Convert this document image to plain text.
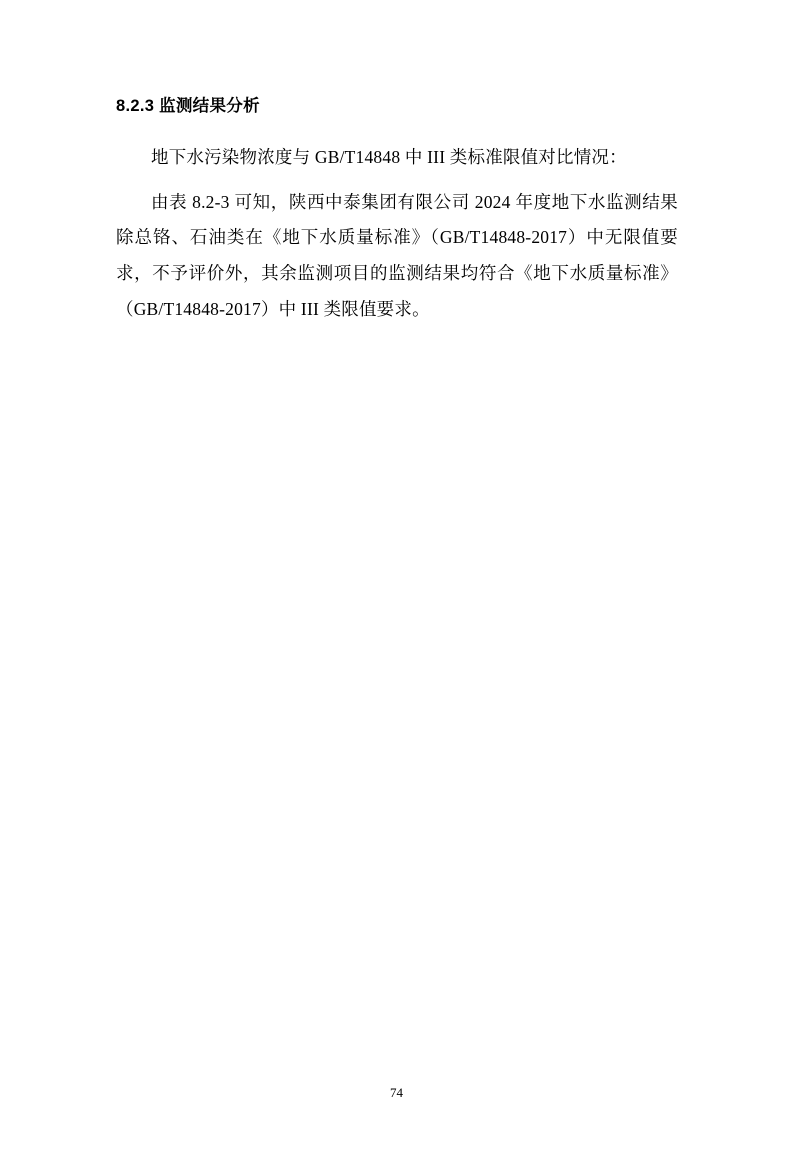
8.2.3 监测结果分析

地下水污染物浓度与 GB/T14848 中 III 类标准限值对比情况：

由表 8.2-3 可知，陕西中泰集团有限公司 2024 年度地下水监测结果除总铬、石油类在《地下水质量标准》（GB/T14848-2017）中无限值要求，不予评价外，其余监测项目的监测结果均符合《地下水质量标准》（GB/T14848-2017）中 III 类限值要求。

74
